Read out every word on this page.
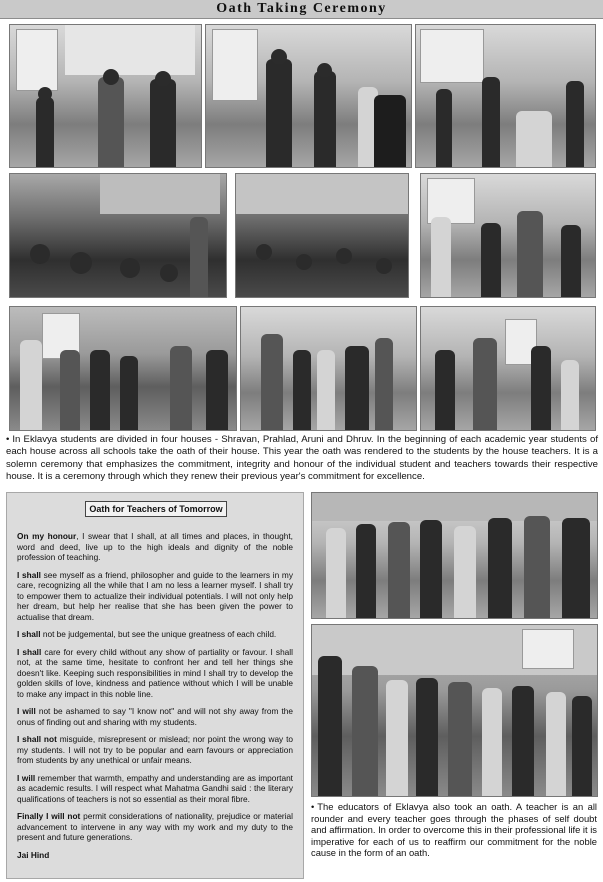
Oath Taking Ceremony
• In Eklavya students are divided in four houses - Shravan, Prahlad, Aruni and Dhruv. In the beginning of each academic year students of each house across all schools take the oath of their house. This year the oath was rendered to the students by the house teachers. It is a solemn ceremony that emphasizes the commitment, integrity and honour of the individual student and teachers towards their respective house. It is a ceremony through which they renew their previous year's commitment for excellence.
Oath for Teachers of Tomorrow

On my honour, I swear that I shall, at all times and places, in thought, word and deed, live up to the high ideals and dignity of the noble profession of teaching.

I shall see myself as a friend, philosopher and guide to the learners in my care, recognizing all the while that I am no less a learner myself. I shall try to empower them to actualize their individual potentials. I will not only help her dream, but help her realise that she has been given the power to actualise that dream.

I shall not be judgemental, but see the unique greatness of each child.

I shall care for every child without any show of partiality or favour. I shall not, at the same time, hesitate to confront her and tell her things she doesn't like. Keeping such responsibilities in mind I shall try to develop the golden skills of love, kindness and patience without which I will be unable to make any impact in this noble line.

I will not be ashamed to say "I know not" and will not shy away from the onus of finding out and sharing with my students.

I shall not misguide, misrepresent or mislead; nor point the wrong way to my students. I will not try to be popular and earn favours or appreciation from students by any unethical or unfair means.

I will remember that warmth, empathy and understanding are as important as academic results. I will respect what Mahatma Gandhi said : the literary qualifications of teachers is not so essential as their moral fibre.

Finally I will not permit considerations of nationality, prejudice or material advancement to intervene in any way with my work and my duty to the present and future generations.

Jai Hind

• The educators of Eklavya also took an oath. A teacher is an all rounder and every teacher goes through the phases of self doubt and affirmation. In order to overcome this in their professional life it is imperative for each of us to reaffirm our commitment for the noble cause in the form of an oath.
